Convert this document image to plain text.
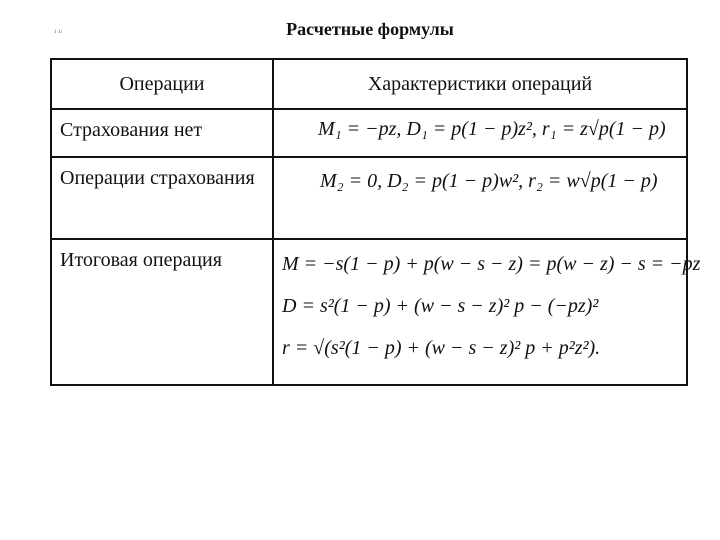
¹ ¹ᵗ	Расчетные формулы
Операции	Характеристики операций
Страхования нет	M₁ = −pz, D₁ = p(1 − p)z², r₁ = z√p(1 − p)

Операции страхования	M₂ = 0, D₂ = p(1 − p)w², r₂ = w√p(1 − p)

Итоговая операция	M = −s(1 − p) + p(w − s − z) = p(w − z) − s = −pz
D = s²(1 − p) + (w − s − z)² p − (−pz)²
r = √(s²(1 − p) + (w − s − z)² p + p²z²).
